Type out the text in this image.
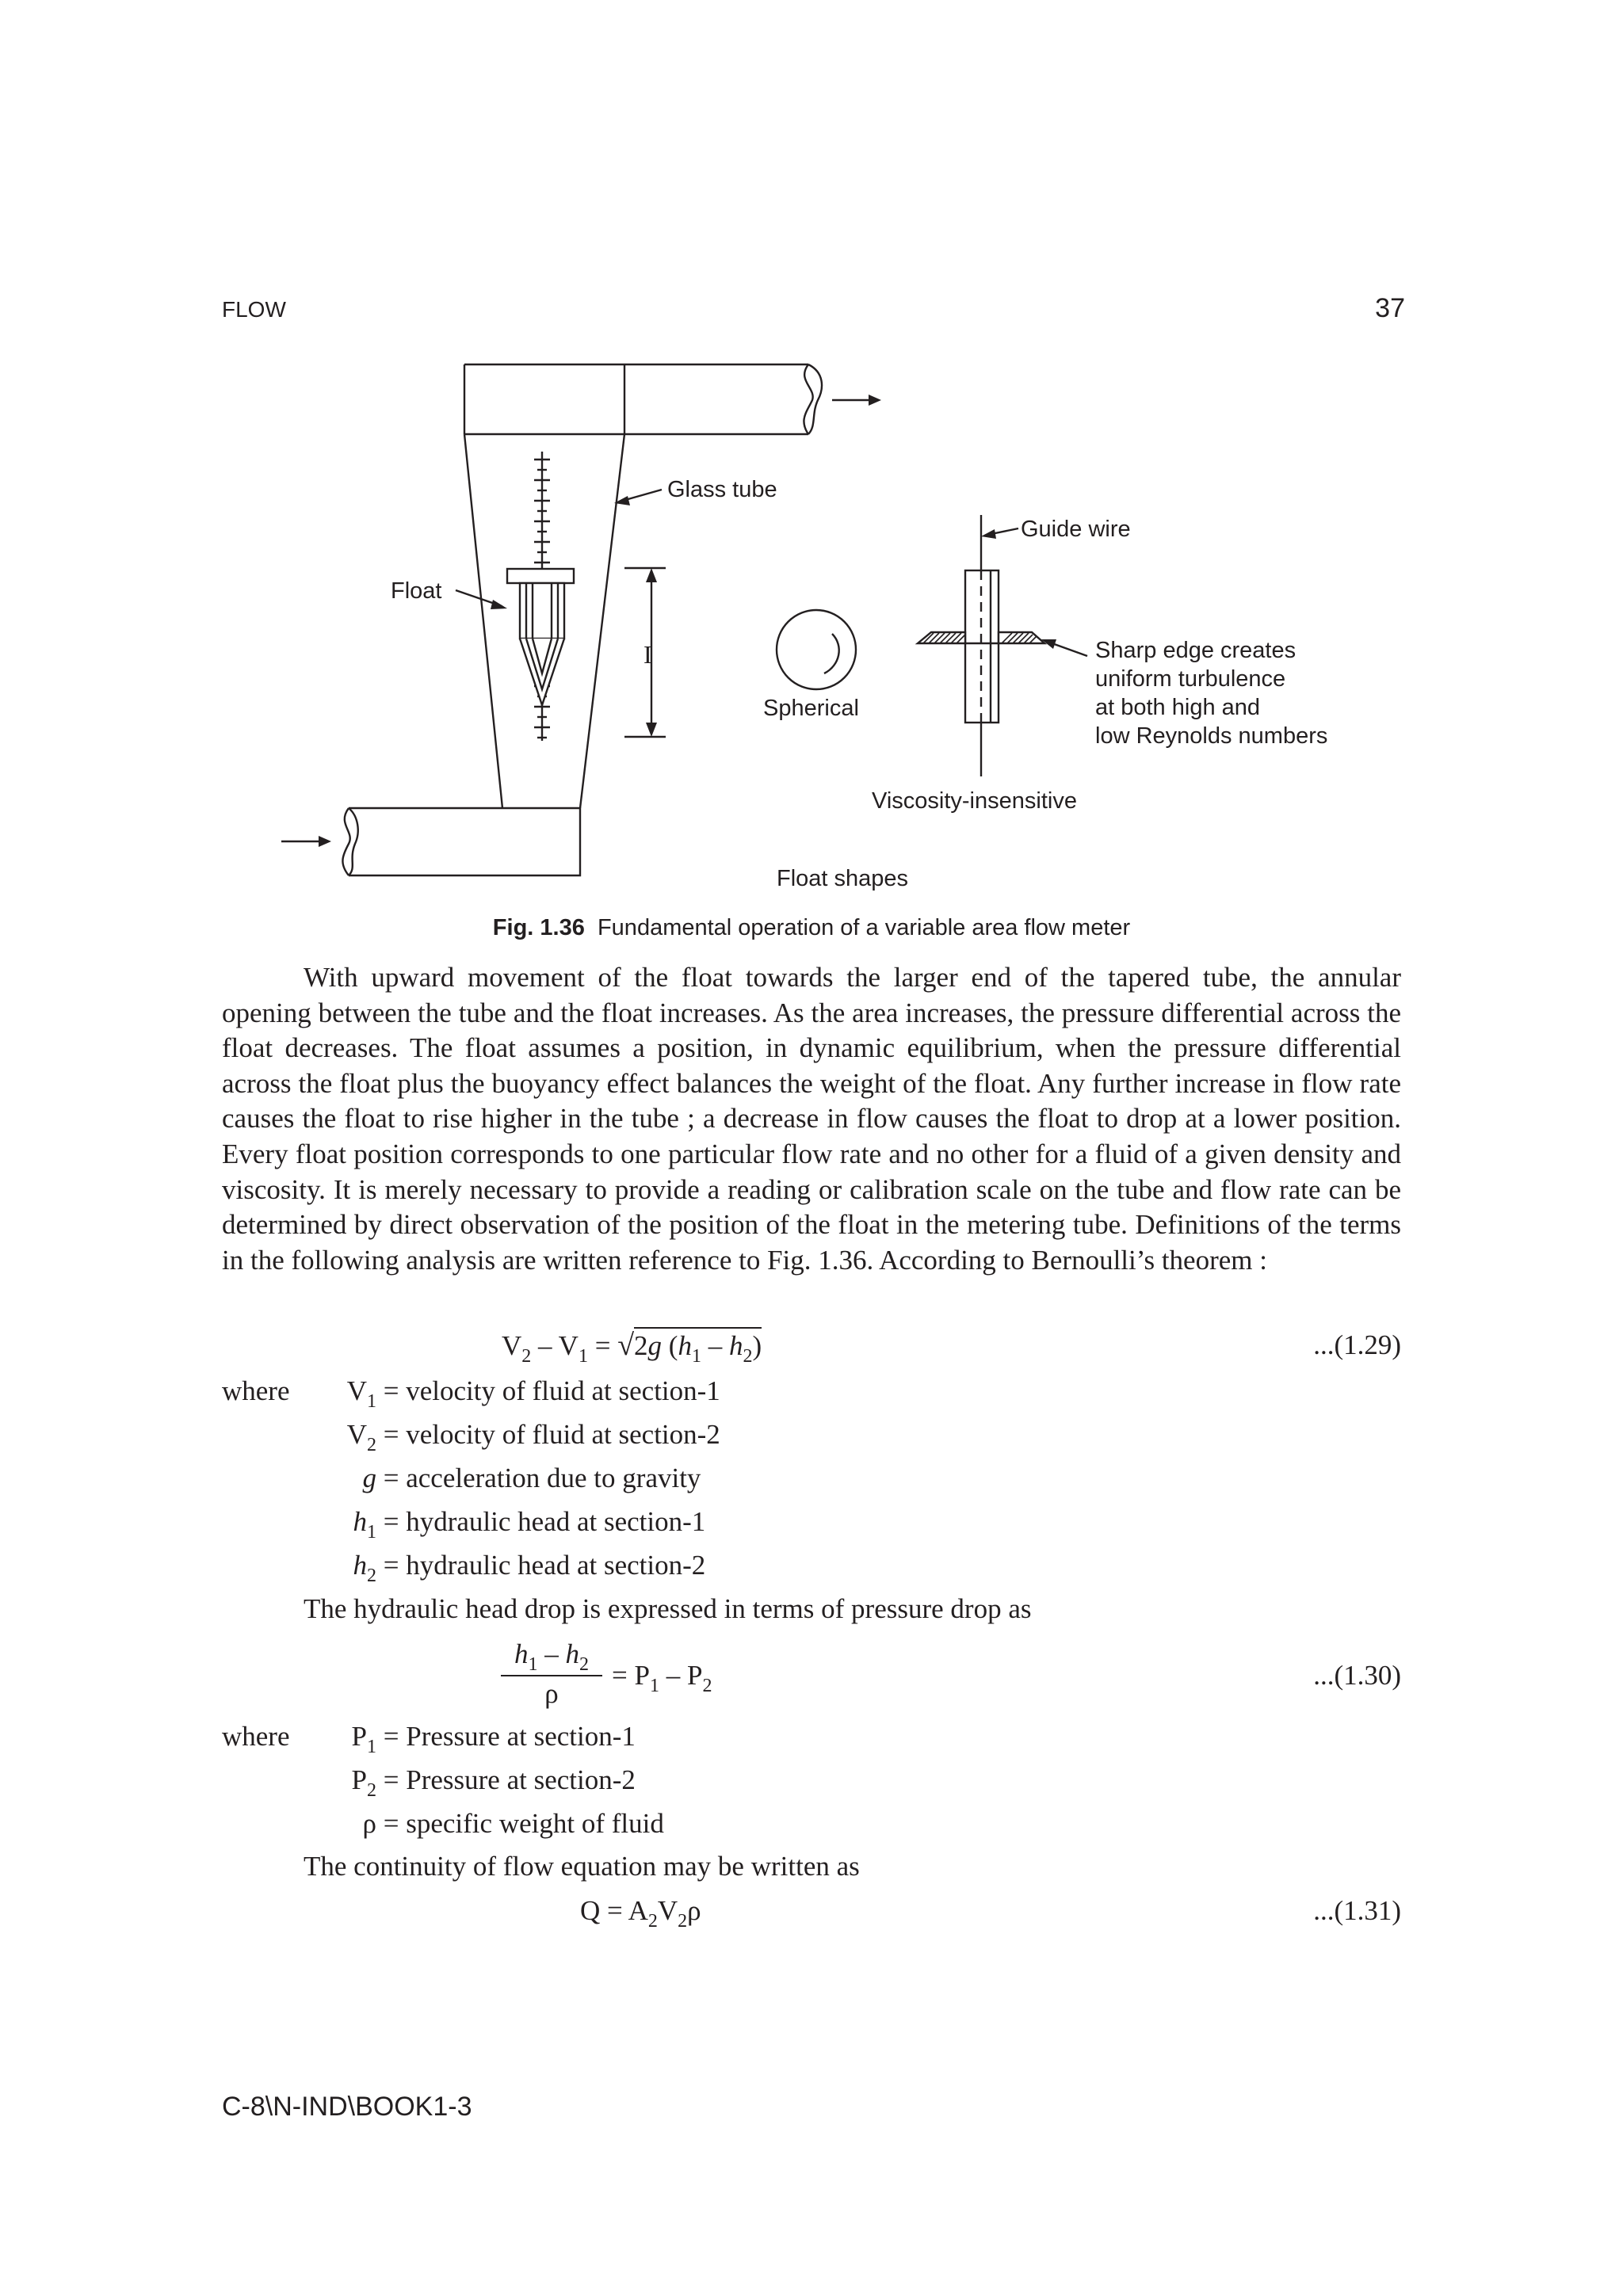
FLOW	37
Glass tube
Guide wire
Float
I
Spherical
Sharp edge creates
uniform turbulence
at both high and
low Reynolds numbers
Viscosity-insensitive
Float shapes
Fig. 1.36 Fundamental operation of a variable area flow meter

With upward movement of the float towards the larger end of the tapered tube, the annular opening between the tube and the float increases. As the area increases, the pressure differential across the float decreases. The float assumes a position, in dynamic equilibrium, when the pressure differential across the float plus the buoyancy effect balances the weight of the float. Any further increase in flow rate causes the float to rise higher in the tube ; a decrease in flow causes the float to drop at a lower position. Every float position corresponds to one particular flow rate and no other for a fluid of a given density and viscosity. It is merely necessary to provide a reading or calibration scale on the tube and flow rate can be determined by direct observation of the position of the float in the metering tube. Definitions of the terms in the following analysis are written reference to Fig. 1.36. According to Bernoulli’s theorem :

$V_2 - V_1 = √2g$ $(h_1 - h_2)$	...(1.29)
where	$V_1$ = velocity of fluid at section-1
$V_2$ = velocity of fluid at section-2
g = acceleration due to gravity
$h_1$ = hydraulic head at section-1
$h_2$ = hydraulic head at section-2
The hydraulic head drop is expressed in terms of pressure drop as
$h_1 - h_2$
ρ
= $P_1 - P_2$	...(1.30)
where	$P_1$ = Pressure at section-1
$P_2$ = Pressure at section-2
ρ = specific weight of fluid
The continuity of flow equation may be written as
$Q = A_2V_2\rho$	...(1.31)
C-8\N-IND\BOOK1-3
